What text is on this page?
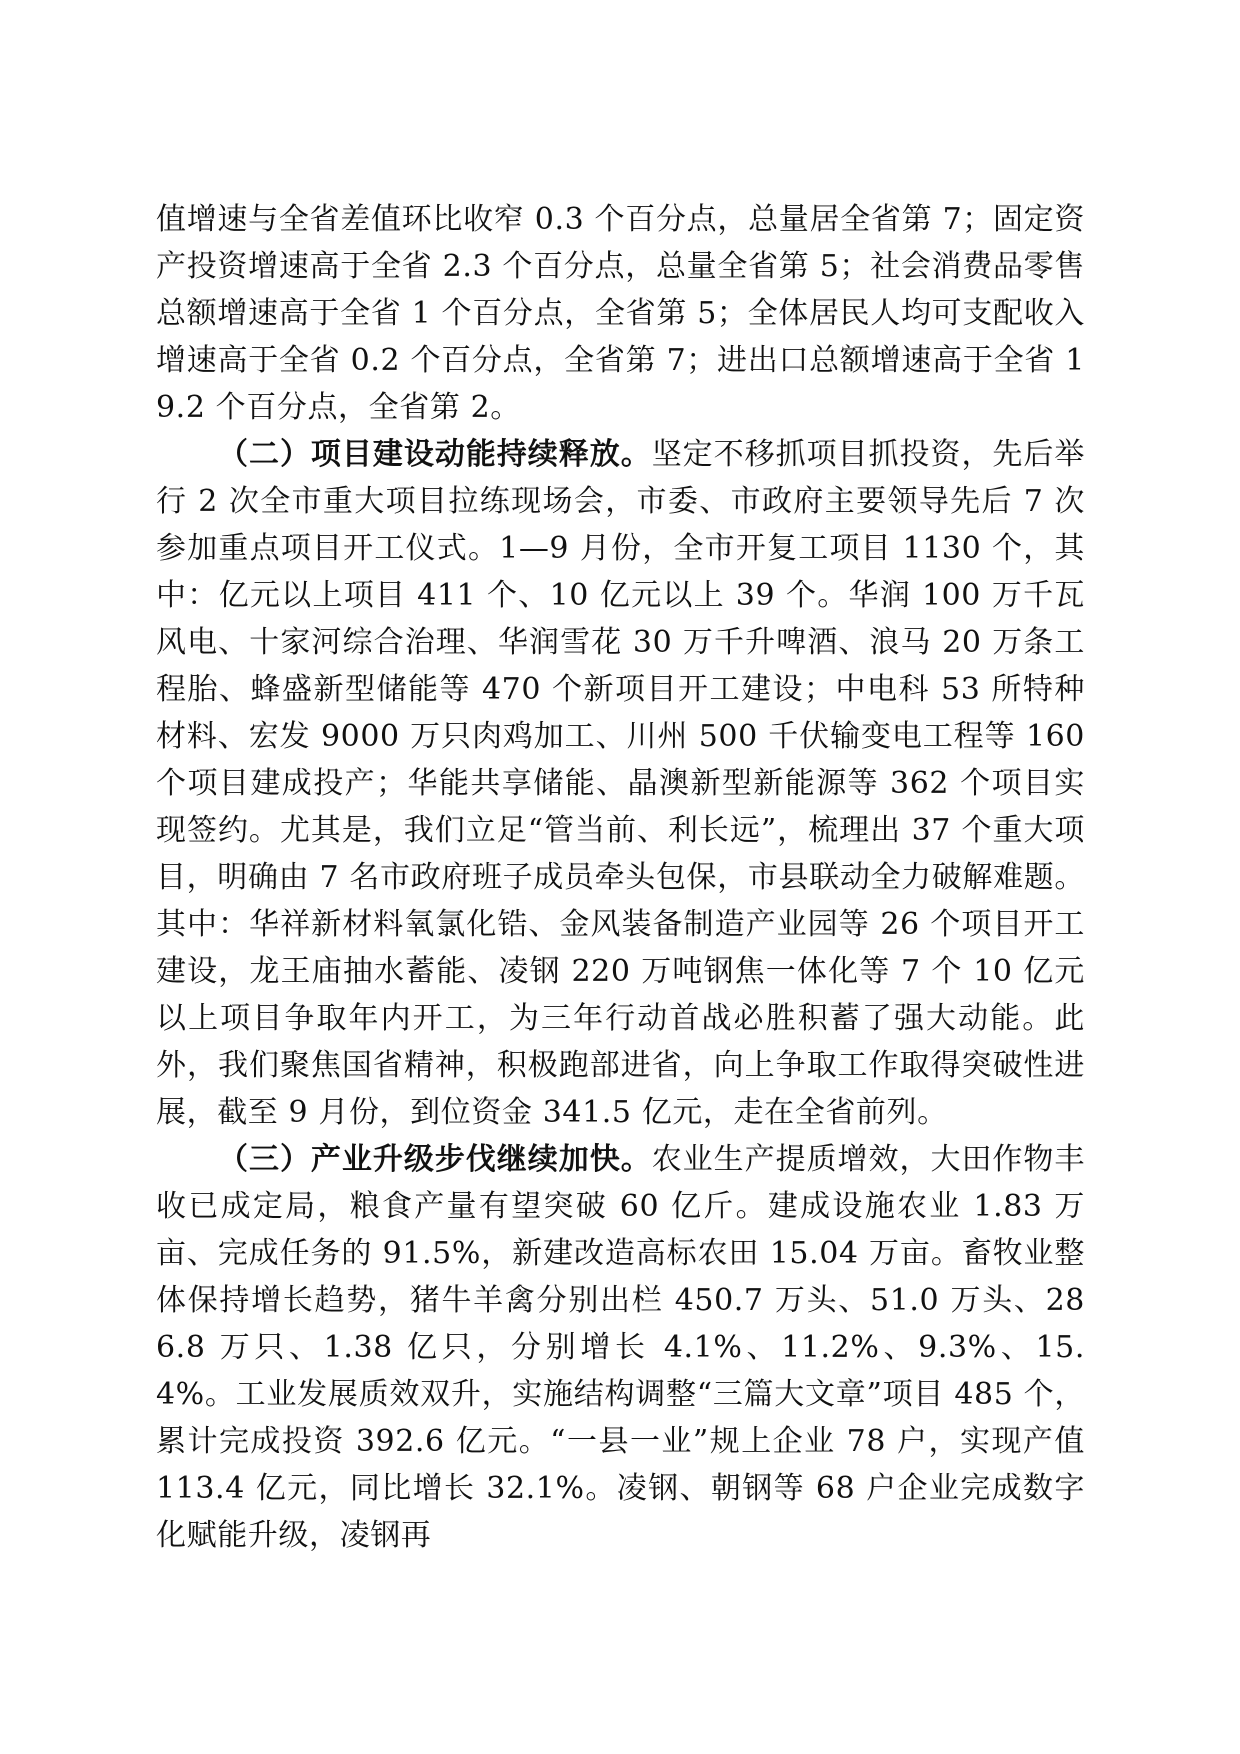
值增速与全省差值环比收窄 0.3 个百分点，总量居全省第 7；固定资产投资增速高于全省 2.3 个百分点，总量全省第 5；社会消费品零售总额增速高于全省 1 个百分点，全省第 5；全体居民人均可支配收入增速高于全省 0.2 个百分点，全省第 7；进出口总额增速高于全省 19.2 个百分点，全省第 2。

（二）项目建设动能持续释放。坚定不移抓项目抓投资，先后举行 2 次全市重大项目拉练现场会，市委、市政府主要领导先后 7 次参加重点项目开工仪式。1—9 月份，全市开复工项目 1130 个，其中：亿元以上项目 411 个、10 亿元以上 39 个。华润 100 万千瓦风电、十家河综合治理、华润雪花 30 万千升啤酒、浪马 20 万条工程胎、蜂盛新型储能等 470 个新项目开工建设；中电科 53 所特种材料、宏发 9000 万只肉鸡加工、川州 500 千伏输变电工程等 160 个项目建成投产；华能共享储能、晶澳新型新能源等 362 个项目实现签约。尤其是，我们立足“管当前、利长远”，梳理出 37 个重大项目，明确由 7 名市政府班子成员牵头包保，市县联动全力破解难题。其中：华祥新材料氧氯化锆、金风装备制造产业园等 26 个项目开工建设，龙王庙抽水蓄能、凌钢 220 万吨钢焦一体化等 7 个 10 亿元以上项目争取年内开工，为三年行动首战必胜积蓄了强大动能。此外，我们聚焦国省精神，积极跑部进省，向上争取工作取得突破性进展，截至 9 月份，到位资金 341.5 亿元，走在全省前列。

（三）产业升级步伐继续加快。农业生产提质增效，大田作物丰收已成定局，粮食产量有望突破 60 亿斤。建成设施农业 1.83 万亩、完成任务的 91.5%，新建改造高标农田 15.04 万亩。畜牧业整体保持增长趋势，猪牛羊禽分别出栏 450.7 万头、51.0 万头、286.8 万只、1.38 亿只，分别增长 4.1%、11.2%、9.3%、15.4%。工业发展质效双升，实施结构调整“三篇大文章”项目 485 个，累计完成投资 392.6 亿元。“一县一业”规上企业 78 户，实现产值 113.4 亿元，同比增长 32.1%。凌钢、朝钢等 68 户企业完成数字化赋能升级，凌钢再
